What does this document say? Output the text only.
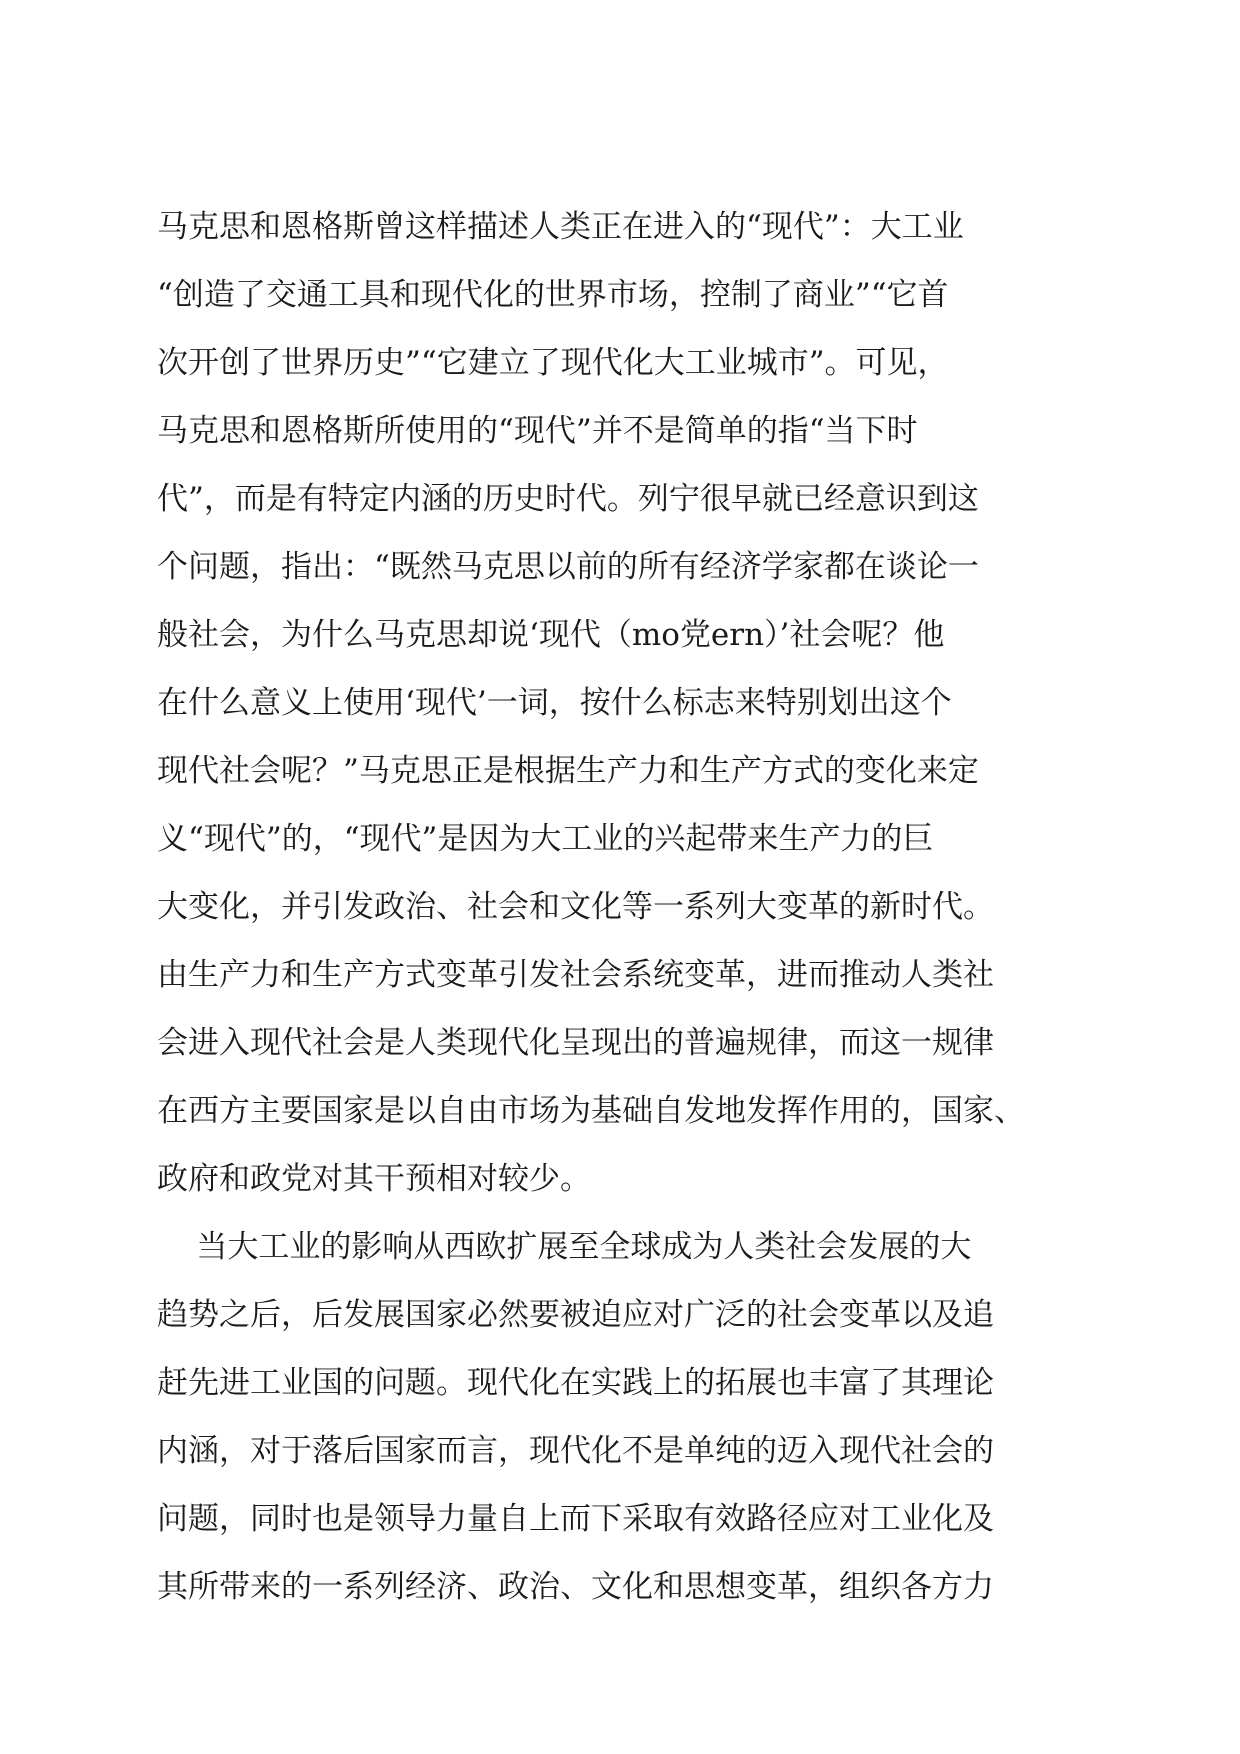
马克思和恩格斯曾这样描述人类正在进入的“现代”：大工业
“创造了交通工具和现代化的世界市场，控制了商业”“它首
次开创了世界历史”“它建立了现代化大工业城市”。可见，
马克思和恩格斯所使用的“现代”并不是简单的指“当下时
代”，而是有特定内涵的历史时代。列宁很早就已经意识到这
个问题，指出：“既然马克思以前的所有经济学家都在谈论一
般社会，为什么马克思却说‘现代（mo党ern）’社会呢？他
在什么意义上使用‘现代’一词，按什么标志来特别划出这个
现代社会呢？”马克思正是根据生产力和生产方式的变化来定
义“现代”的，“现代”是因为大工业的兴起带来生产力的巨
大变化，并引发政治、社会和文化等一系列大变革的新时代。
由生产力和生产方式变革引发社会系统变革，进而推动人类社
会进入现代社会是人类现代化呈现出的普遍规律，而这一规律
在西方主要国家是以自由市场为基础自发地发挥作用的，国家、
政府和政党对其干预相对较少。
当大工业的影响从西欧扩展至全球成为人类社会发展的大
趋势之后，后发展国家必然要被迫应对广泛的社会变革以及追
赶先进工业国的问题。现代化在实践上的拓展也丰富了其理论
内涵，对于落后国家而言，现代化不是单纯的迈入现代社会的
问题，同时也是领导力量自上而下采取有效路径应对工业化及
其所带来的一系列经济、政治、文化和思想变革，组织各方力
